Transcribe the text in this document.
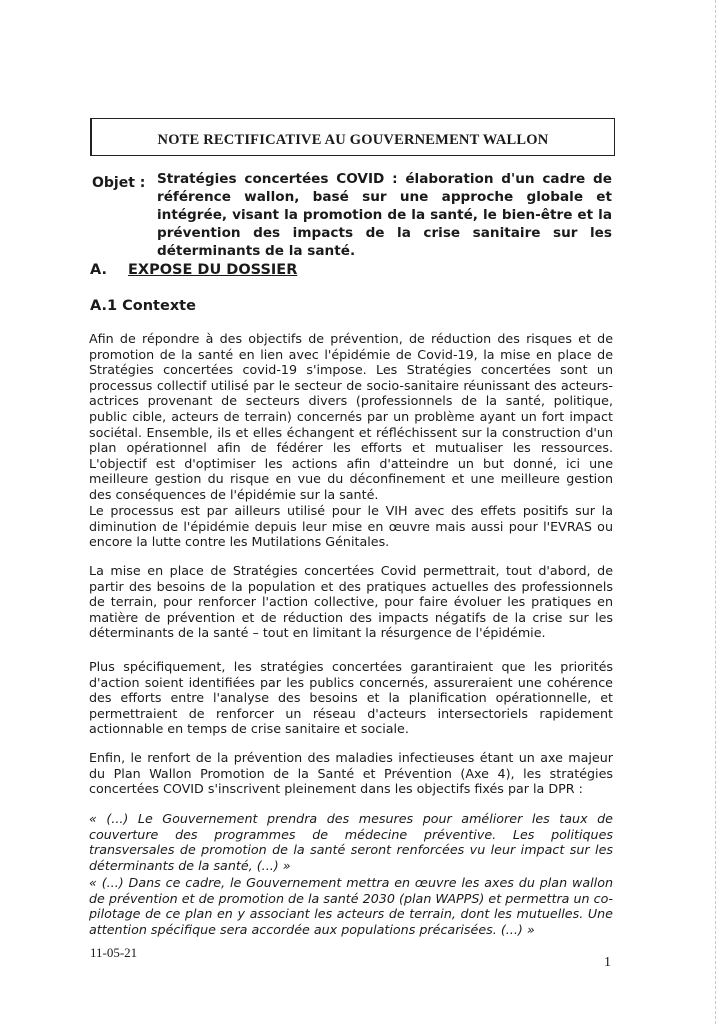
NOTE RECTIFICATIVE AU GOUVERNEMENT WALLON
Objet : Stratégies concertées COVID : élaboration d'un cadre de référence wallon, basé sur une approche globale et intégrée, visant la promotion de la santé, le bien-être et la prévention des impacts de la crise sanitaire sur les déterminants de la santé.
A. EXPOSE DU DOSSIER
A.1 Contexte

Afin de répondre à des objectifs de prévention, de réduction des risques et de promotion de la santé en lien avec l'épidémie de Covid-19, la mise en place de Stratégies concertées covid-19 s'impose. Les Stratégies concertées sont un processus collectif utilisé par le secteur de socio-sanitaire réunissant des acteurs-actrices provenant de secteurs divers (professionnels de la santé, politique, public cible, acteurs de terrain) concernés par un problème ayant un fort impact sociétal. Ensemble, ils et elles échangent et réfléchissent sur la construction d'un plan opérationnel afin de fédérer les efforts et mutualiser les ressources. L'objectif est d'optimiser les actions afin d'atteindre un but donné, ici une meilleure gestion du risque en vue du déconfinement et une meilleure gestion des conséquences de l'épidémie sur la santé.

Le processus est par ailleurs utilisé pour le VIH avec des effets positifs sur la diminution de l'épidémie depuis leur mise en œuvre mais aussi pour l'EVRAS ou encore la lutte contre les Mutilations Génitales.

La mise en place de Stratégies concertées Covid permettrait, tout d'abord, de partir des besoins de la population et des pratiques actuelles des professionnels de terrain, pour renforcer l'action collective, pour faire évoluer les pratiques en matière de prévention et de réduction des impacts négatifs de la crise sur les déterminants de la santé – tout en limitant la résurgence de l'épidémie.

Plus spécifiquement, les stratégies concertées garantiraient que les priorités d'action soient identifiées par les publics concernés, assureraient une cohérence des efforts entre l'analyse des besoins et la planification opérationnelle, et permettraient de renforcer un réseau d'acteurs intersectoriels rapidement actionnable en temps de crise sanitaire et sociale.

Enfin, le renfort de la prévention des maladies infectieuses étant un axe majeur du Plan Wallon Promotion de la Santé et Prévention (Axe 4), les stratégies concertées COVID s'inscrivent pleinement dans les objectifs fixés par la DPR :

« (...) Le Gouvernement prendra des mesures pour améliorer les taux de couverture des programmes de médecine préventive. Les politiques transversales de promotion de la santé seront renforcées vu leur impact sur les déterminants de la santé, (...) »

« (...) Dans ce cadre, le Gouvernement mettra en œuvre les axes du plan wallon de prévention et de promotion de la santé 2030 (plan WAPPS) et permettra un co-pilotage de ce plan en y associant les acteurs de terrain, dont les mutuelles. Une attention spécifique sera accordée aux populations précarisées. (...) »

11-05-21
1
